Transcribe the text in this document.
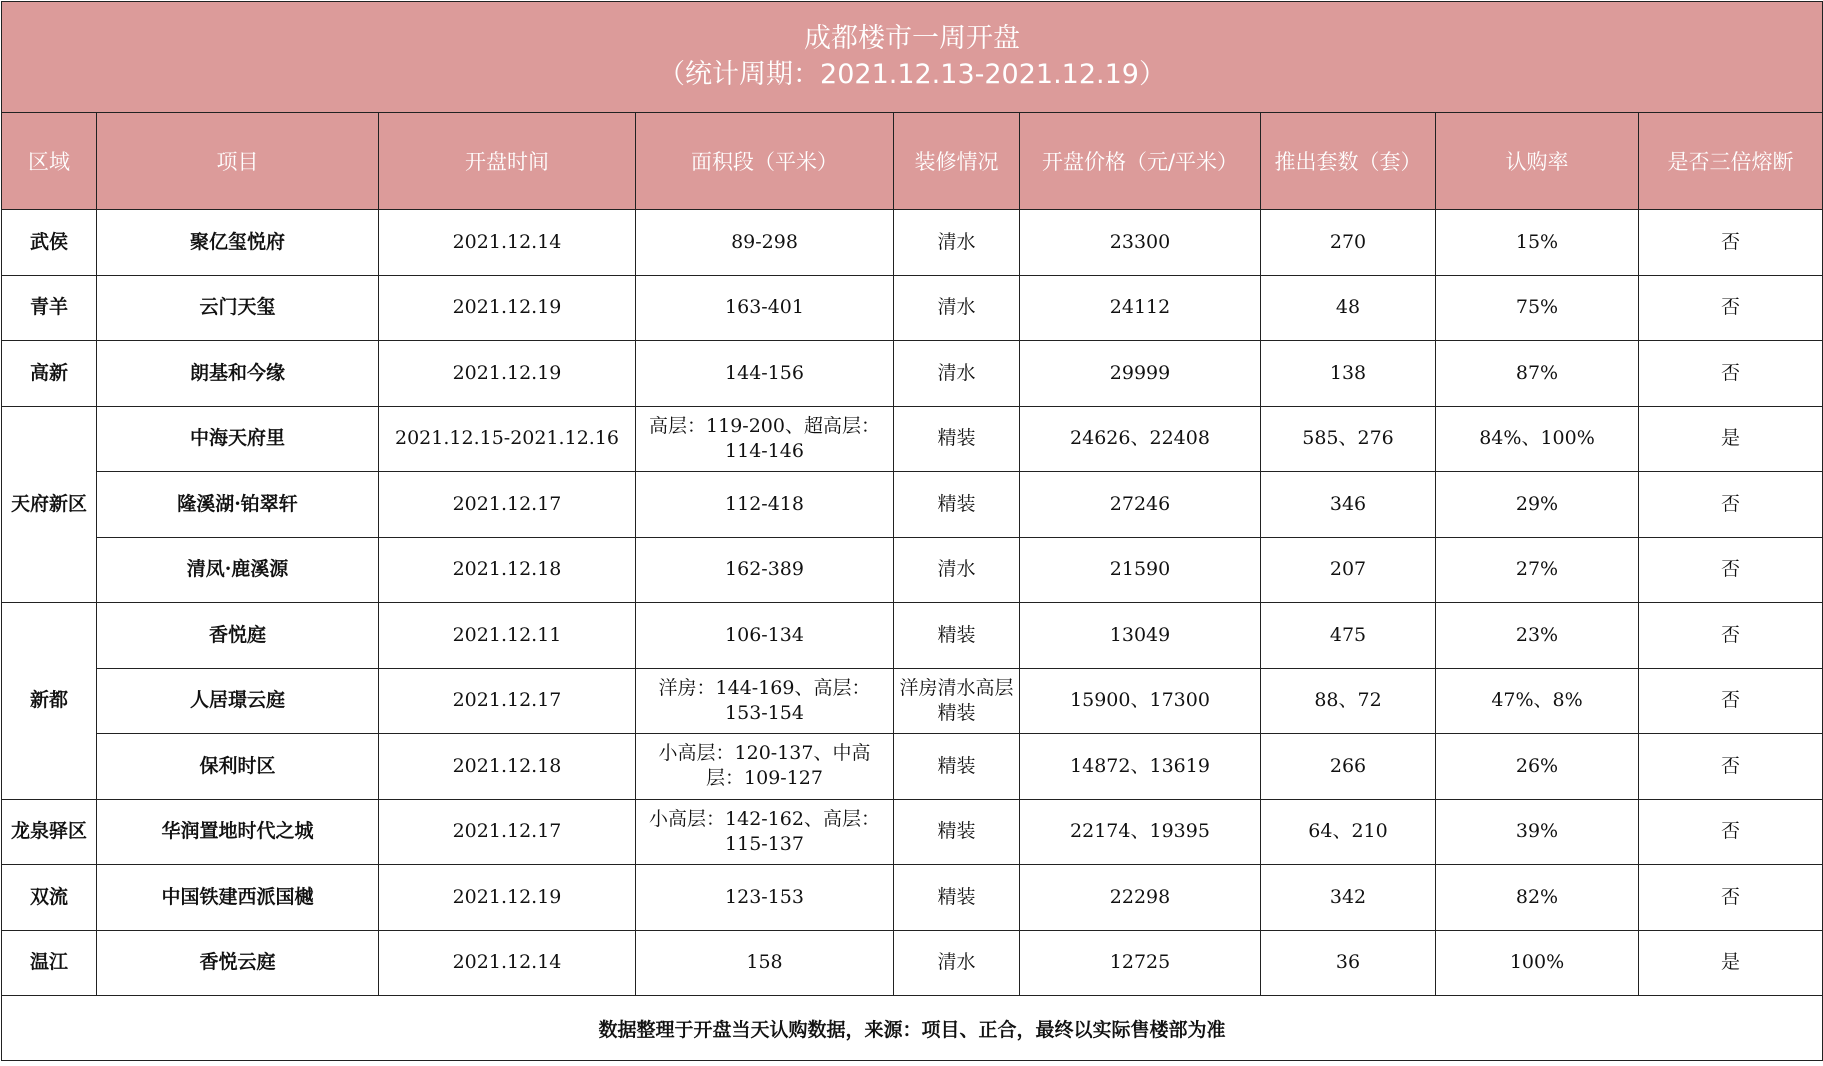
成都楼市一周开盘
（统计周期：2021.12.13-2021.12.19）								

区域	项目	开盘时间	面积段（平米）	装修情况	开盘价格（元/平米）	推出套数（套）	认购率	是否三倍熔断
武侯	聚亿玺悦府	2021.12.14	89-298	清水	23300	270	15%	否
青羊	云门天玺	2021.12.19	163-401	清水	24112	48	75%	否
高新	朗基和今缘	2021.12.19	144-156	清水	29999	138	87%	否
天府新区	中海天府里	2021.12.15-2021.12.16	高层：119-200、超高层：114-146	精装	24626、22408	585、276	84%、100%	是
	隆溪湖·铂翠轩	2021.12.17	112-418	精装	27246	346	29%	否
	清凤·鹿溪源	2021.12.18	162-389	清水	21590	207	27%	否
新都	香悦庭	2021.12.11	106-134	精装	13049	475	23%	否
	人居璟云庭	2021.12.17	洋房：144-169、高层：153-154	洋房清水高层精装	15900、17300	88、72	47%、8%	否
	保利时区	2021.12.18	小高层：120-137、中高层：109-127	精装	14872、13619	266	26%	否
龙泉驿区	华润置地时代之城	2021.12.17	小高层：142-162、高层：115-137	精装	22174、19395	64、210	39%	否
双流	中国铁建西派国樾	2021.12.19	123-153	精装	22298	342	82%	否
温江	香悦云庭	2021.12.14	158	清水	12725	36	100%	是
数据整理于开盘当天认购数据，来源：项目、正合，最终以实际售楼部为准								
